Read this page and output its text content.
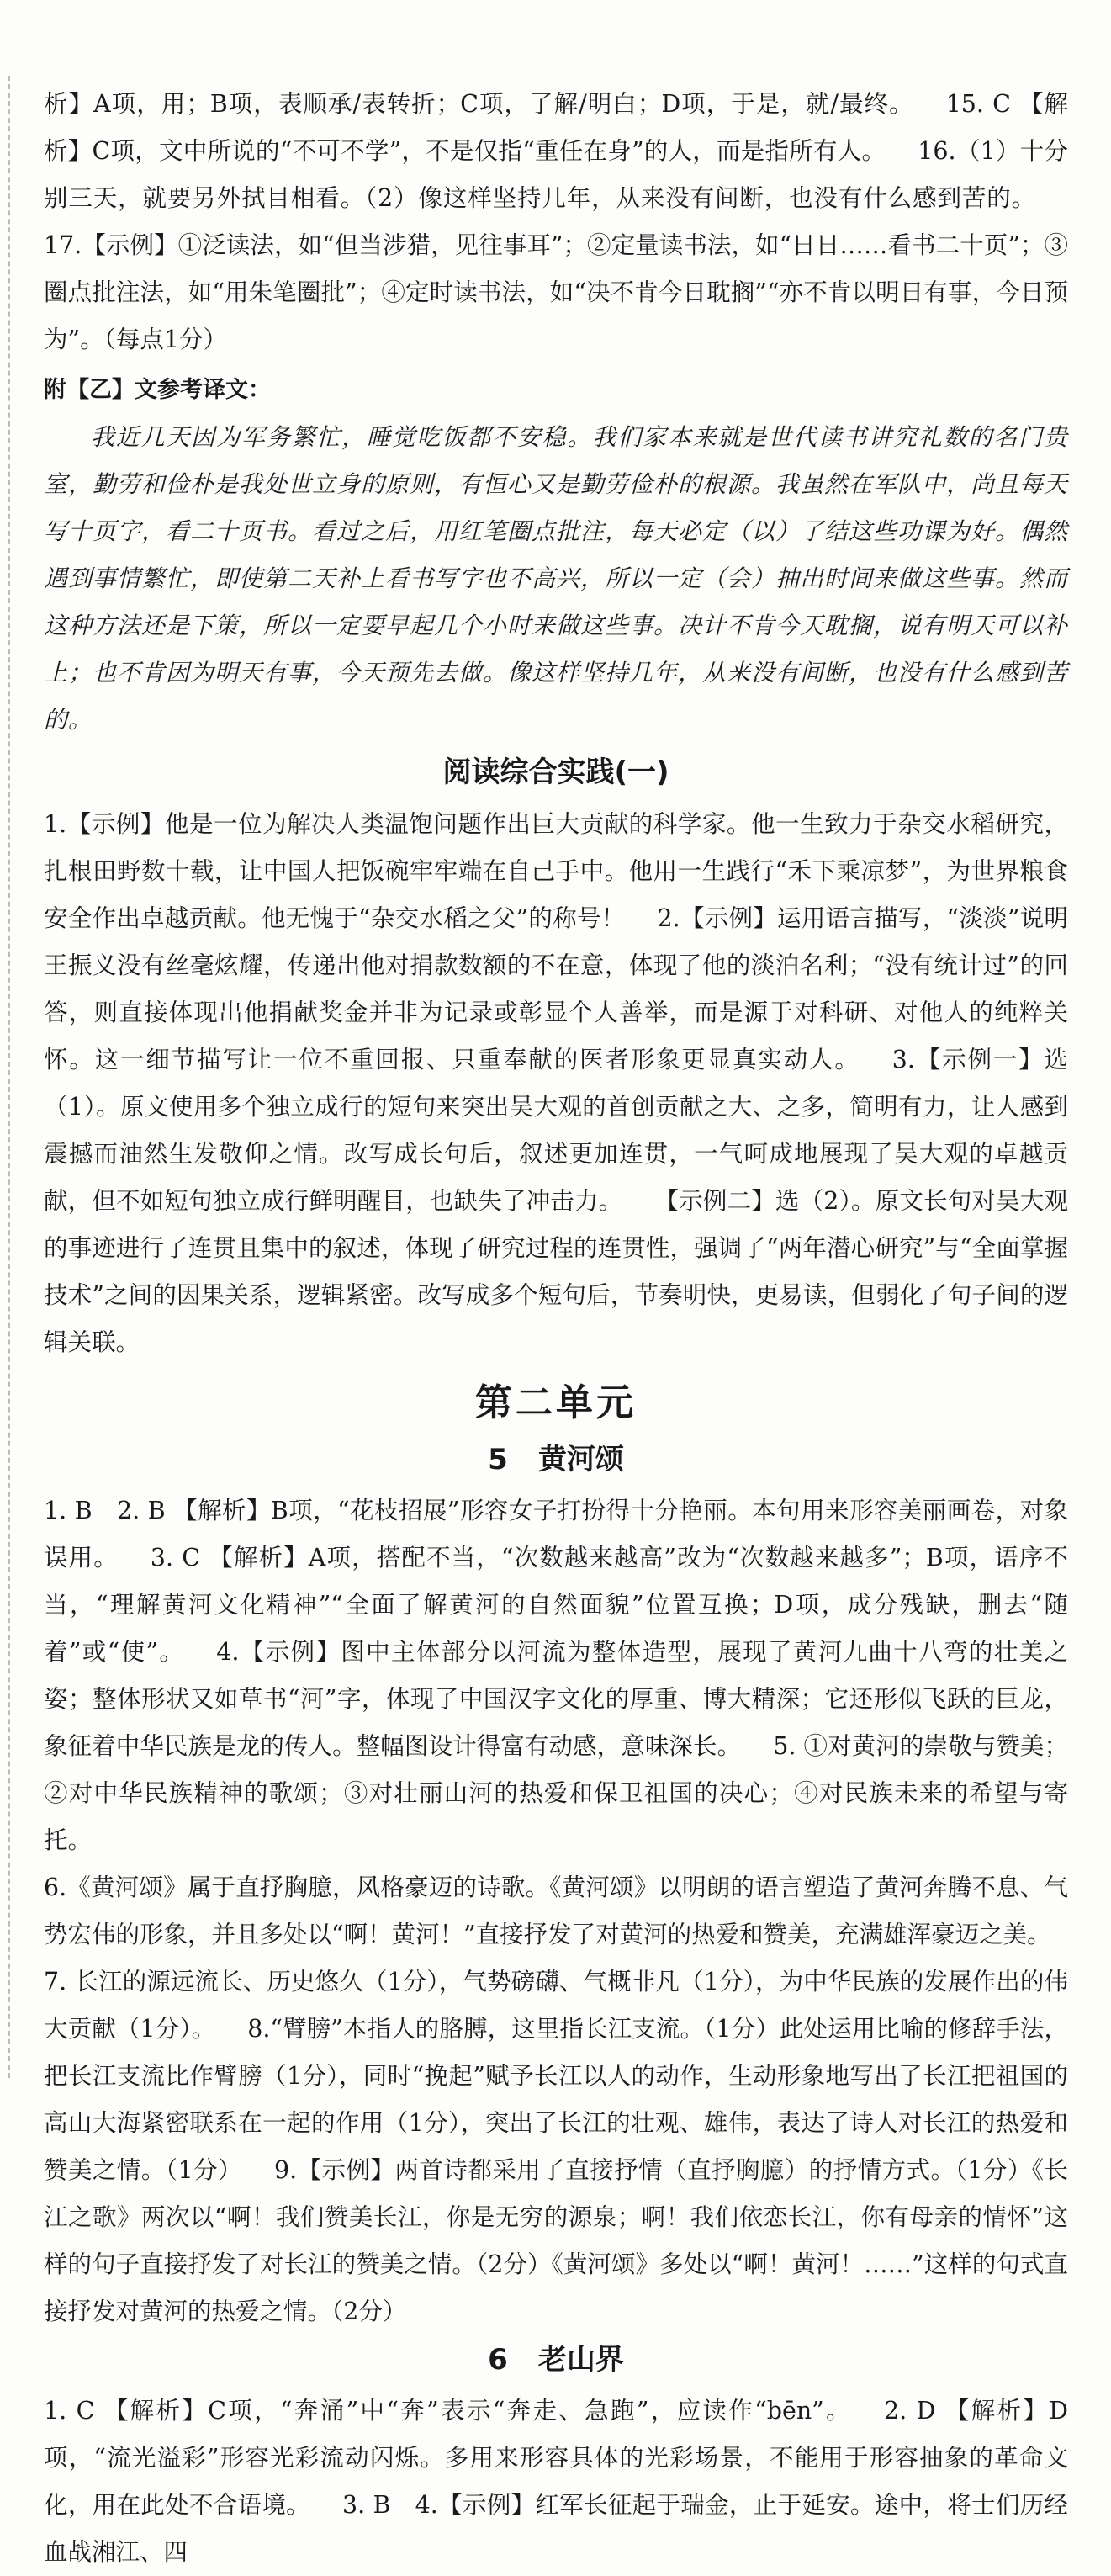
析】A项，用；B项，表顺承/表转折；C项，了解/明白；D项，于是，就/最终。 15. C 【解析】C项，文中所说的“不可不学”，不是仅指“重任在身”的人，而是指所有人。 16.（1）十分别三天，就要另外拭目相看。（2）像这样坚持几年，从来没有间断，也没有什么感到苦的。17.【示例】①泛读法，如“但当涉猎，见往事耳”；②定量读书法，如“日日……看书二十页”；③圈点批注法，如“用朱笔圈批”；④定时读书法，如“决不肯今日耽搁”“亦不肯以明日有事，今日预为”。（每点1分）

附【乙】文参考译文：

我近几天因为军务繁忙，睡觉吃饭都不安稳。我们家本来就是世代读书讲究礼数的名门贵室，勤劳和俭朴是我处世立身的原则，有恒心又是勤劳俭朴的根源。我虽然在军队中，尚且每天写十页字，看二十页书。看过之后，用红笔圈点批注，每天必定（以）了结这些功课为好。偶然遇到事情繁忙，即使第二天补上看书写字也不高兴，所以一定（会）抽出时间来做这些事。然而这种方法还是下策，所以一定要早起几个小时来做这些事。决计不肯今天耽搁，说有明天可以补上；也不肯因为明天有事，今天预先去做。像这样坚持几年，从来没有间断，也没有什么感到苦的。

阅读综合实践(一)

1.【示例】他是一位为解决人类温饱问题作出巨大贡献的科学家。他一生致力于杂交水稻研究，扎根田野数十载，让中国人把饭碗牢牢端在自己手中。他用一生践行“禾下乘凉梦”，为世界粮食安全作出卓越贡献。他无愧于“杂交水稻之父”的称号！ 2.【示例】运用语言描写，“淡淡”说明王振义没有丝毫炫耀，传递出他对捐款数额的不在意，体现了他的淡泊名利；“没有统计过”的回答，则直接体现出他捐献奖金并非为记录或彰显个人善举，而是源于对科研、对他人的纯粹关怀。这一细节描写让一位不重回报、只重奉献的医者形象更显真实动人。 3.【示例一】选（1）。原文使用多个独立成行的短句来突出吴大观的首创贡献之大、之多，简明有力，让人感到震撼而油然生发敬仰之情。改写成长句后，叙述更加连贯，一气呵成地展现了吴大观的卓越贡献，但不如短句独立成行鲜明醒目，也缺失了冲击力。 【示例二】选（2）。原文长句对吴大观的事迹进行了连贯且集中的叙述，体现了研究过程的连贯性，强调了“两年潜心研究”与“全面掌握技术”之间的因果关系，逻辑紧密。改写成多个短句后，节奏明快，更易读，但弱化了句子间的逻辑关联。

第二单元
5 黄河颂

1. B　2. B 【解析】B项，“花枝招展”形容女子打扮得十分艳丽。本句用来形容美丽画卷，对象误用。 3. C 【解析】A项，搭配不当，“次数越来越高”改为“次数越来越多”；B项，语序不当，“理解黄河文化精神”“全面了解黄河的自然面貌”位置互换；D项，成分残缺，删去“随着”或“使”。 4.【示例】图中主体部分以河流为整体造型，展现了黄河九曲十八弯的壮美之姿；整体形状又如草书“河”字，体现了中国汉字文化的厚重、博大精深；它还形似飞跃的巨龙，象征着中华民族是龙的传人。整幅图设计得富有动感，意味深长。 5. ①对黄河的崇敬与赞美；②对中华民族精神的歌颂；③对壮丽山河的热爱和保卫祖国的决心；④对民族未来的希望与寄托。

6.《黄河颂》属于直抒胸臆，风格豪迈的诗歌。《黄河颂》以明朗的语言塑造了黄河奔腾不息、气势宏伟的形象，并且多处以“啊！黄河！”直接抒发了对黄河的热爱和赞美，充满雄浑豪迈之美。

7. 长江的源远流长、历史悠久（1分），气势磅礴、气概非凡（1分），为中华民族的发展作出的伟大贡献（1分）。 8.“臂膀”本指人的胳膊，这里指长江支流。（1分）此处运用比喻的修辞手法，把长江支流比作臂膀（1分），同时“挽起”赋予长江以人的动作，生动形象地写出了长江把祖国的高山大海紧密联系在一起的作用（1分），突出了长江的壮观、雄伟，表达了诗人对长江的热爱和赞美之情。（1分） 9.【示例】两首诗都采用了直接抒情（直抒胸臆）的抒情方式。（1分）《长江之歌》两次以“啊！我们赞美长江，你是无穷的源泉；啊！我们依恋长江，你有母亲的情怀”这样的句子直接抒发了对长江的赞美之情。（2分）《黄河颂》多处以“啊！黄河！……”这样的句式直接抒发对黄河的热爱之情。（2分）

6 老山界

1. C 【解析】C项，“奔涌”中“奔”表示“奔走、急跑”，应读作“bēn”。 2. D 【解析】D项，“流光溢彩”形容光彩流动闪烁。多用来形容具体的光彩场景，不能用于形容抽象的革命文化，用在此处不合语境。 3. B　4.【示例】红军长征起于瑞金，止于延安。途中，将士们历经血战湘江、四
